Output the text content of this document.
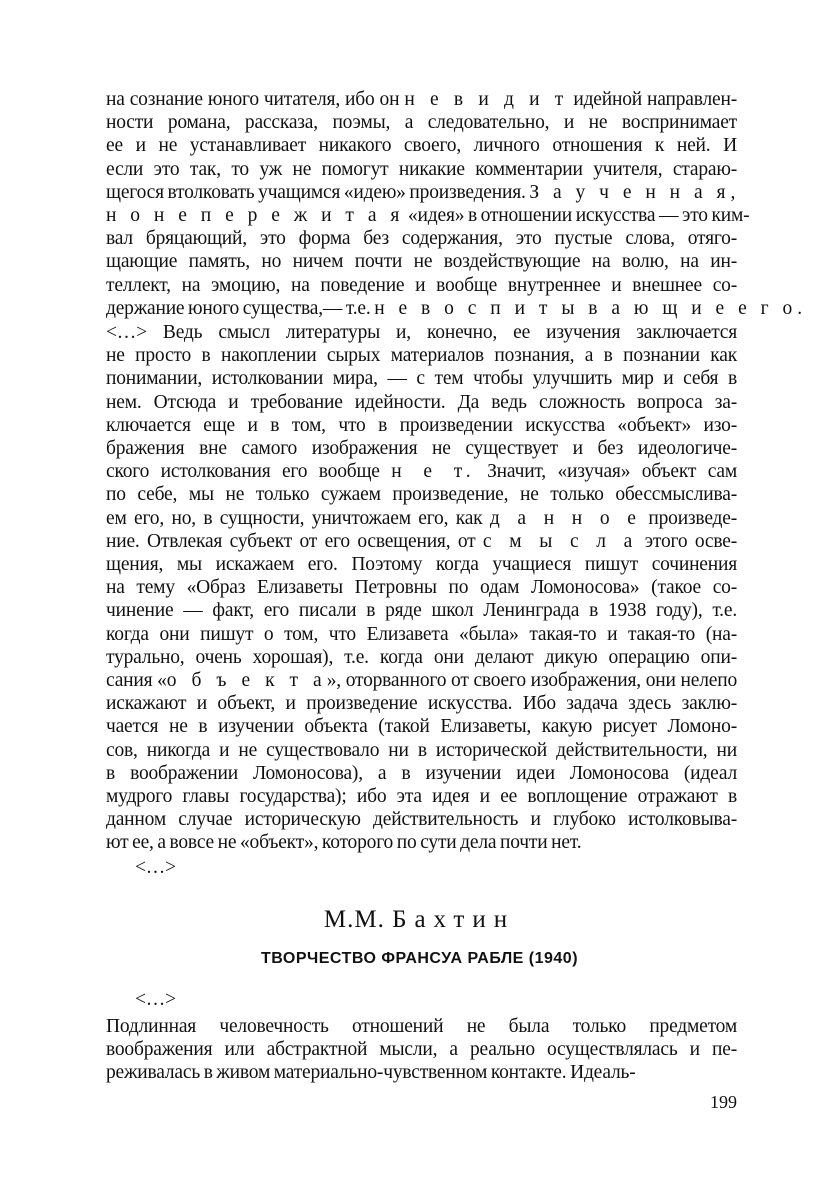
на сознание юного читателя, ибо он н е в и д и т идейной направлен-

ности романа, рассказа, поэмы, а следовательно, и не воспринимает

ее и не устанавливает никакого своего, личного отношения к ней. И

если это так, то уж не помогут никакие комментарии учителя, стараю-

щегося втолковать учащимся «идею» произведения. З а у ч е н н а я,

н о н е п е р е ж и т а я «идея» в отношении искусства — это ким-

вал бряцающий, это форма без содержания, это пустые слова, отяго-

щающие память, но ничем почти не воздействующие на волю, на ин-

теллект, на эмоцию, на поведение и вообще внутреннее и внешнее со-

держание юного существа,— т.е. н е в о с п и т ы в а ю щ и е е г о.

<…> Ведь смысл литературы и, конечно, ее изучения заключается

не просто в накоплении сырых материалов познания, а в познании как

понимании, истолковании мира, — с тем чтобы улучшить мир и себя в

нем. Отсюда и требование идейности. Да ведь сложность вопроса за-

ключается еще и в том, что в произведении искусства «объект» изо-

бражения вне самого изображения не существует и без идеологиче-

ского истолкования его вообще н е т. Значит, «изучая» объект сам

по себе, мы не только сужаем произведение, не только обессмыслива-

ем его, но, в сущности, уничтожаем его, как д а н н о е произведе-

ние. Отвлекая субъект от его освещения, от с м ы с л а этого осве-

щения, мы искажаем его. Поэтому когда учащиеся пишут сочинения

на тему «Образ Елизаветы Петровны по одам Ломоносова» (такое со-

чинение — факт, его писали в ряде школ Ленинграда в 1938 году), т.е.

когда они пишут о том, что Елизавета «была» такая-то и такая-то (на-

турально, очень хорошая), т.е. когда они делают дикую операцию опи-

сания «о б ъ е к т а», оторванного от своего изображения, они нелепо

искажают и объект, и произведение искусства. Ибо задача здесь заклю-

чается не в изучении объекта (такой Елизаветы, какую рисует Ломоно-

сов, никогда и не существовало ни в исторической действительности, ни

в воображении Ломоносова), а в изучении идеи Ломоносова (идеал

мудрого главы государства); ибо эта идея и ее воплощение отражают в

данном случае историческую действительность и глубоко истолковыва-

ют ее, а вовсе не «объект», которого по сути дела почти нет.

<…>

М.М. Бахтин
ТВОРЧЕСТВО ФРАНСУА РАБЛЕ (1940)

<…>

Подлинная человечность отношений не была только предметом

воображения или абстрактной мысли, а реально осуществлялась и пе-

реживалась в живом материально-чувственном контакте. Идеаль-

199
